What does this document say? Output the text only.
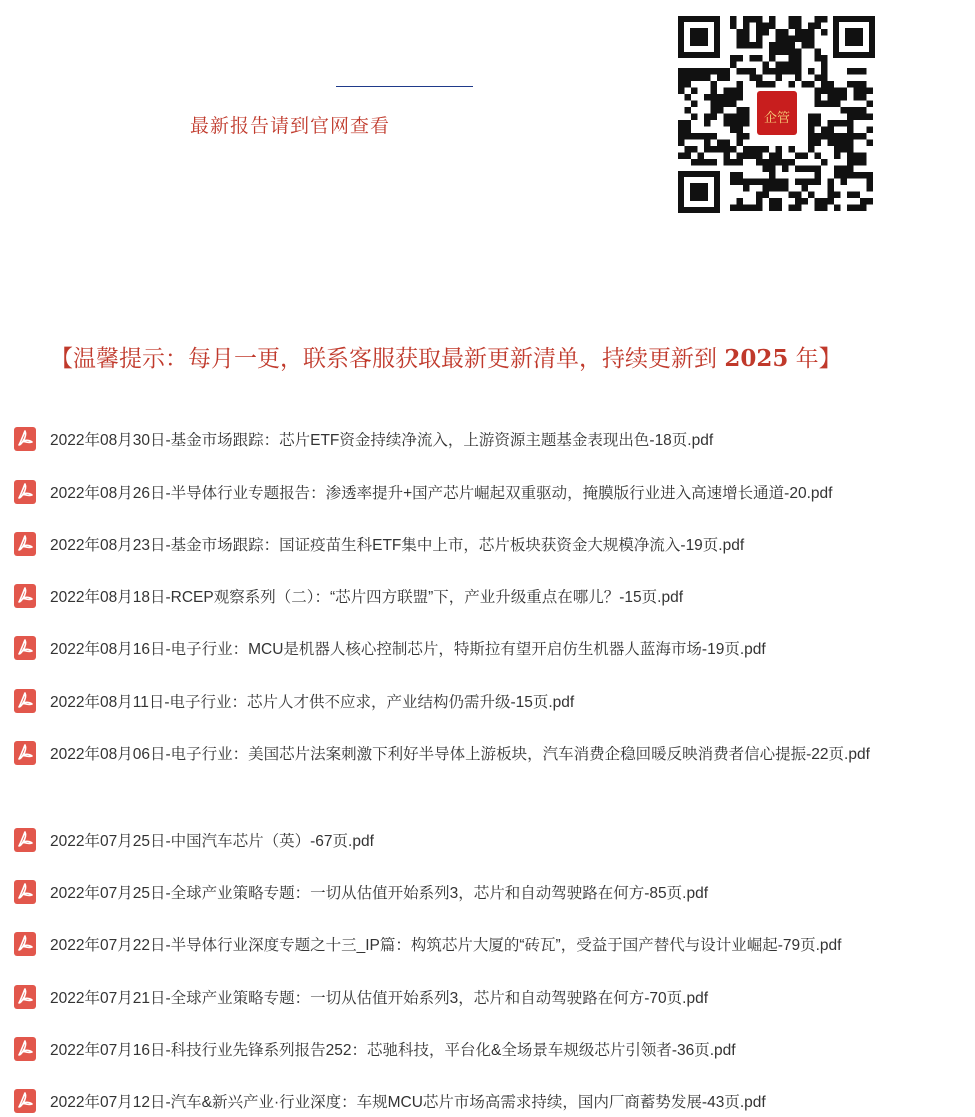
最新报告请到官网查看	企管
【温馨提示：每月一更，联系客服获取最新更新清单，持续更新到 2025 年】
2022年08月30日-基金市场跟踪：芯片ETF资金持续净流入，上游资源主题基金表现出色-18页.pdf
2022年08月26日-半导体行业专题报告：渗透率提升+国产芯片崛起双重驱动，掩膜版行业进入高速增长通道-20.pdf
2022年08月23日-基金市场跟踪：国证疫苗生科ETF集中上市，芯片板块获资金大规模净流入-19页.pdf
2022年08月18日-RCEP观察系列（二）：“芯片四方联盟”下，产业升级重点在哪儿？-15页.pdf
2022年08月16日-电子行业：MCU是机器人核心控制芯片，特斯拉有望开启仿生机器人蓝海市场-19页.pdf
2022年08月11日-电子行业：芯片人才供不应求，产业结构仍需升级-15页.pdf
2022年08月06日-电子行业：美国芯片法案刺激下利好半导体上游板块，汽车消费企稳回暖反映消费者信心提振-22页.pdf
2022年07月25日-中国汽车芯片（英）-67页.pdf
2022年07月25日-全球产业策略专题：一切从估值开始系列3，芯片和自动驾驶路在何方-85页.pdf
2022年07月22日-半导体行业深度专题之十三_IP篇：构筑芯片大厦的“砖瓦”，受益于国产替代与设计业崛起-79页.pdf
2022年07月21日-全球产业策略专题：一切从估值开始系列3，芯片和自动驾驶路在何方-70页.pdf
2022年07月16日-科技行业先锋系列报告252：芯驰科技，平台化&全场景车规级芯片引领者-36页.pdf
2022年07月12日-汽车&新兴产业·行业深度：车规MCU芯片市场高需求持续，国内厂商蓄势发展-43页.pdf
